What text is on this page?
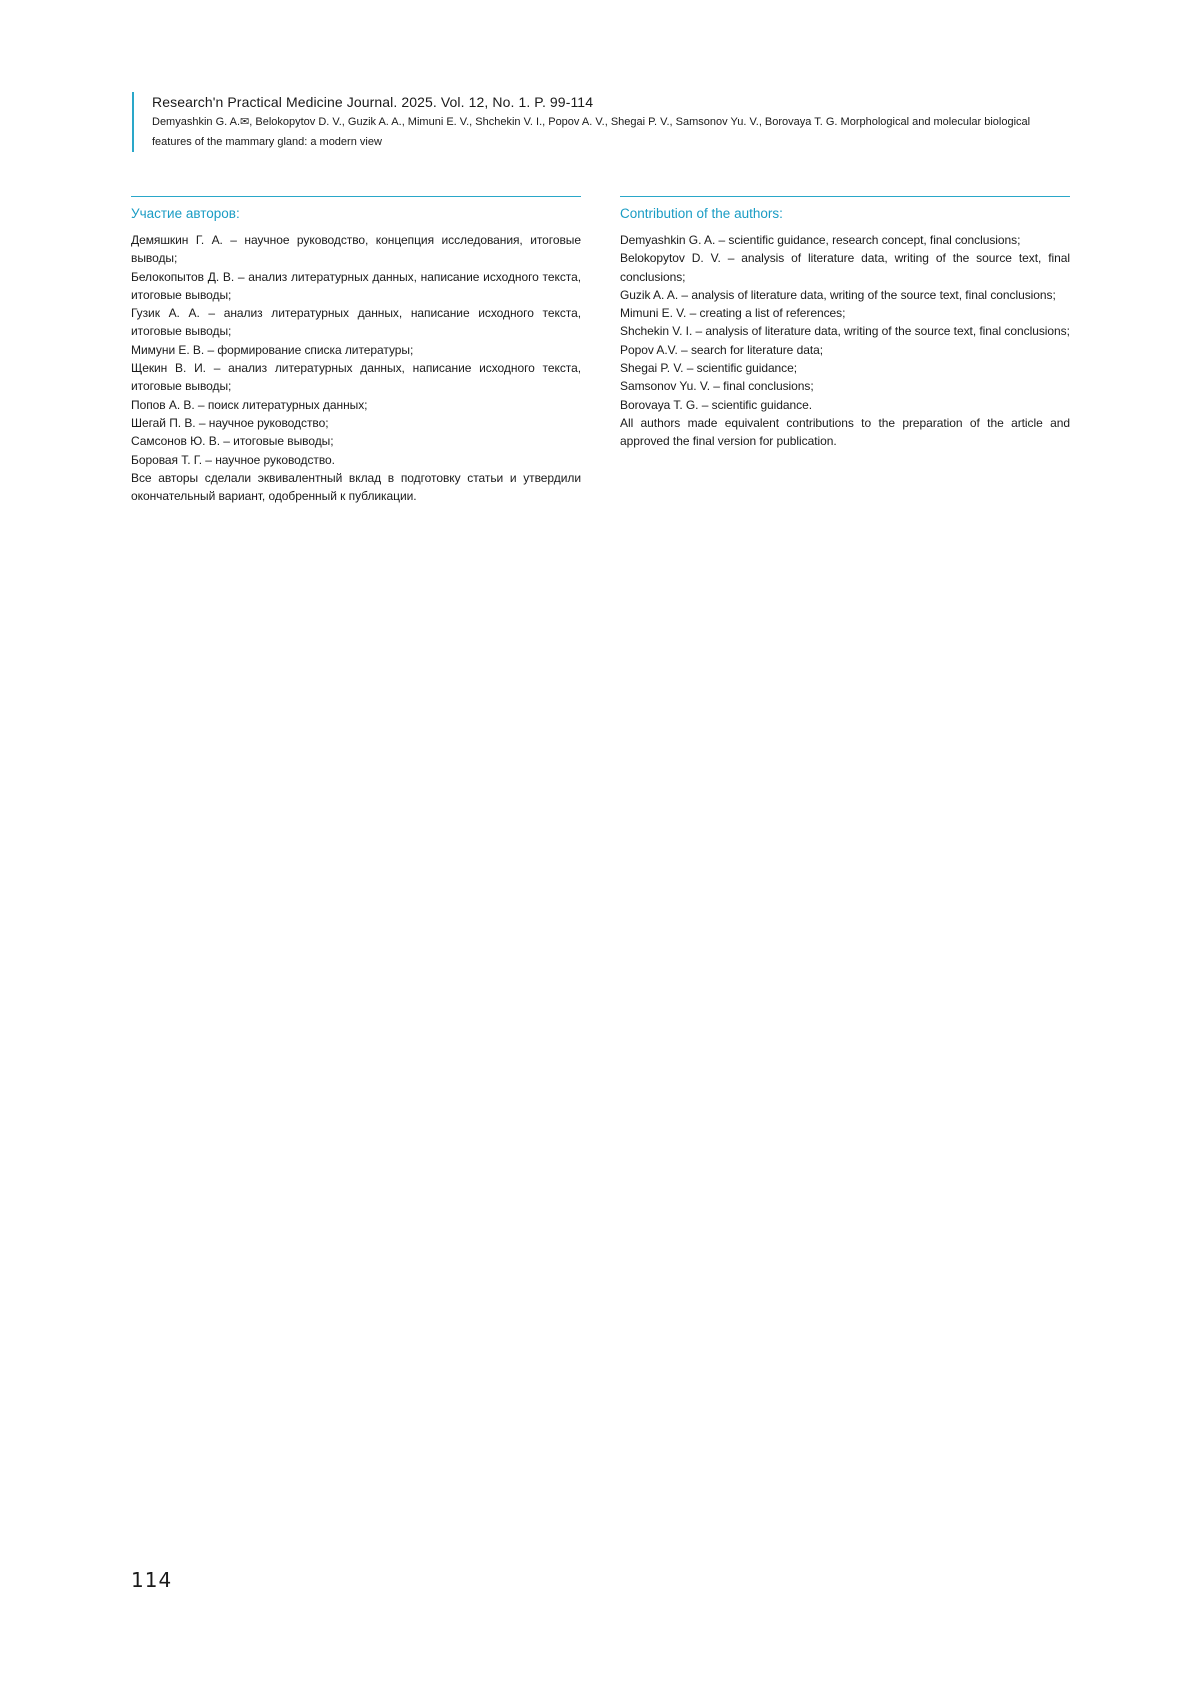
Research'n Practical Medicine Journal. 2025. Vol. 12, No. 1. P. 99-114

Demyashkin G. A.✉, Belokopytov D. V., Guzik A. A., Mimuni E. V., Shchekin V. I., Popov A. V., Shegai P. V., Samsonov Yu. V., Borovaya T. G. Morphological and molecular biological features of the mammary gland: a modern view

Участие авторов:

Демяшкин Г. А. – научное руководство, концепция исследования, итоговые выводы;

Белокопытов Д. В. – анализ литературных данных, написание исходного текста, итоговые выводы;

Гузик А. А. – анализ литературных данных, написание исходного текста, итоговые выводы;

Мимуни Е. В. – формирование списка литературы;

Щекин В. И. – анализ литературных данных, написание исходного текста, итоговые выводы;

Попов А. В. – поиск литературных данных;

Шегай П. В. – научное руководство;

Самсонов Ю. В. – итоговые выводы;

Боровая Т. Г. – научное руководство.

Все авторы сделали эквивалентный вклад в подготовку статьи и утвердили окончательный вариант, одобренный к публикации.

Contribution of the authors:

Demyashkin G. A. – scientific guidance, research concept, final conclusions;

Belokopytov D. V. – analysis of literature data, writing of the source text, final conclusions;

Guzik A. A. – analysis of literature data, writing of the source text, final conclusions;

Mimuni E. V. – creating a list of references;

Shchekin V. I. – analysis of literature data, writing of the source text, final conclusions;

Popov A.V. – search for literature data;

Shegai P. V. – scientific guidance;

Samsonov Yu. V. – final conclusions;

Borovaya T. G. – scientific guidance.

All authors made equivalent contributions to the preparation of the article and approved the final version for publication.

114
